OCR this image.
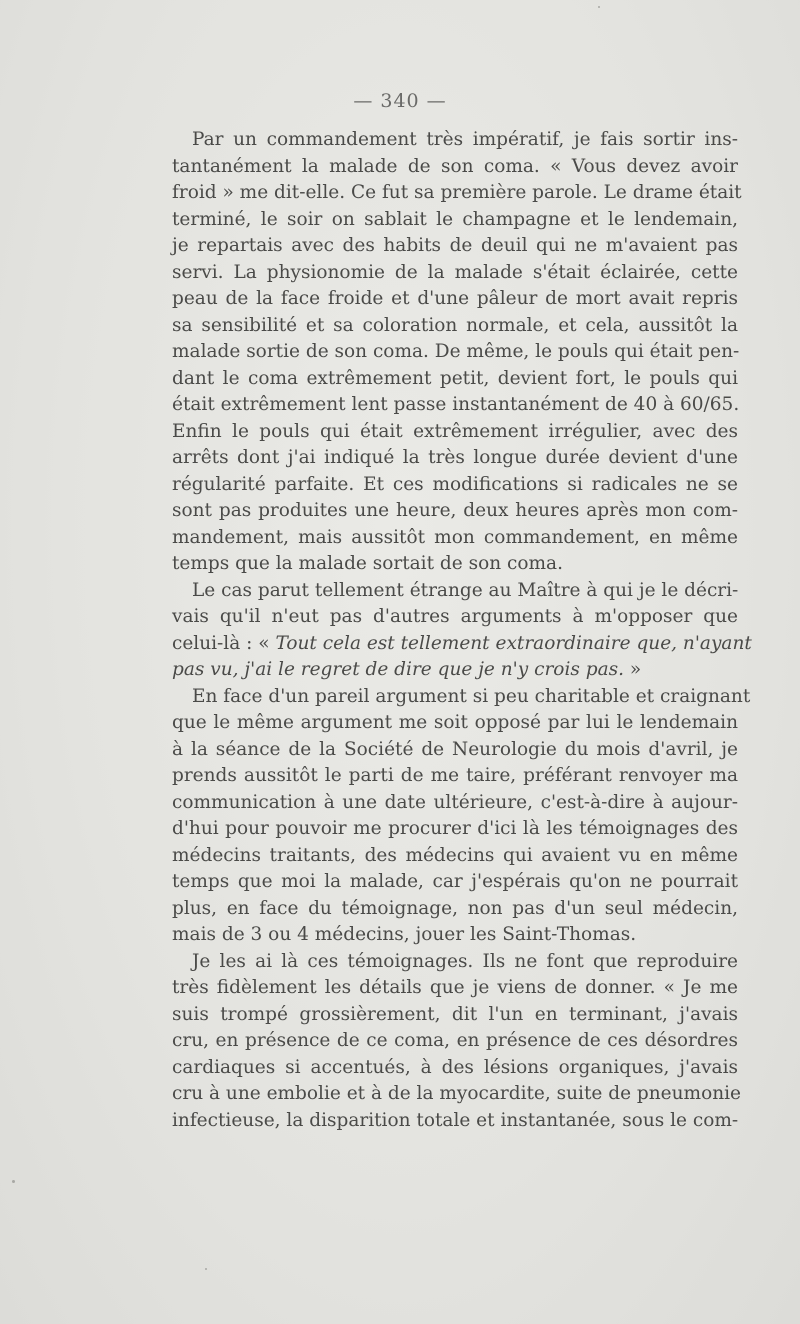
— 340 —
Par un commandement très impératif, je fais sortir ins-
tantanément la malade de son coma. « Vous devez avoir
froid » me dit-elle. Ce fut sa première parole. Le drame était
terminé, le soir on sablait le champagne et le lendemain,
je repartais avec des habits de deuil qui ne m'avaient pas
servi. La physionomie de la malade s'était éclairée, cette
peau de la face froide et d'une pâleur de mort avait repris
sa sensibilité et sa coloration normale, et cela, aussitôt la
malade sortie de son coma. De même, le pouls qui était pen-
dant le coma extrêmement petit, devient fort, le pouls qui
était extrêmement lent passe instantanément de 40 à 60/65.
Enfin le pouls qui était extrêmement irrégulier, avec des
arrêts dont j'ai indiqué la très longue durée devient d'une
régularité parfaite. Et ces modifications si radicales ne se
sont pas produites une heure, deux heures après mon com-
mandement, mais aussitôt mon commandement, en même
temps que la malade sortait de son coma.
Le cas parut tellement étrange au Maître à qui je le décri-
vais qu'il n'eut pas d'autres arguments à m'opposer que
celui-là : « Tout cela est tellement extraordinaire que, n'ayant
pas vu, j'ai le regret de dire que je n'y crois pas. »
En face d'un pareil argument si peu charitable et craignant
que le même argument me soit opposé par lui le lendemain
à la séance de la Société de Neurologie du mois d'avril, je
prends aussitôt le parti de me taire, préférant renvoyer ma
communication à une date ultérieure, c'est-à-dire à aujour-
d'hui pour pouvoir me procurer d'ici là les témoignages des
médecins traitants, des médecins qui avaient vu en même
temps que moi la malade, car j'espérais qu'on ne pourrait
plus, en face du témoignage, non pas d'un seul médecin,
mais de 3 ou 4 médecins, jouer les Saint-Thomas.
Je les ai là ces témoignages. Ils ne font que reproduire
très fidèlement les détails que je viens de donner. « Je me
suis trompé grossièrement, dit l'un en terminant, j'avais
cru, en présence de ce coma, en présence de ces désordres
cardiaques si accentués, à des lésions organiques, j'avais
cru à une embolie et à de la myocardite, suite de pneumonie
infectieuse, la disparition totale et instantanée, sous le com-
